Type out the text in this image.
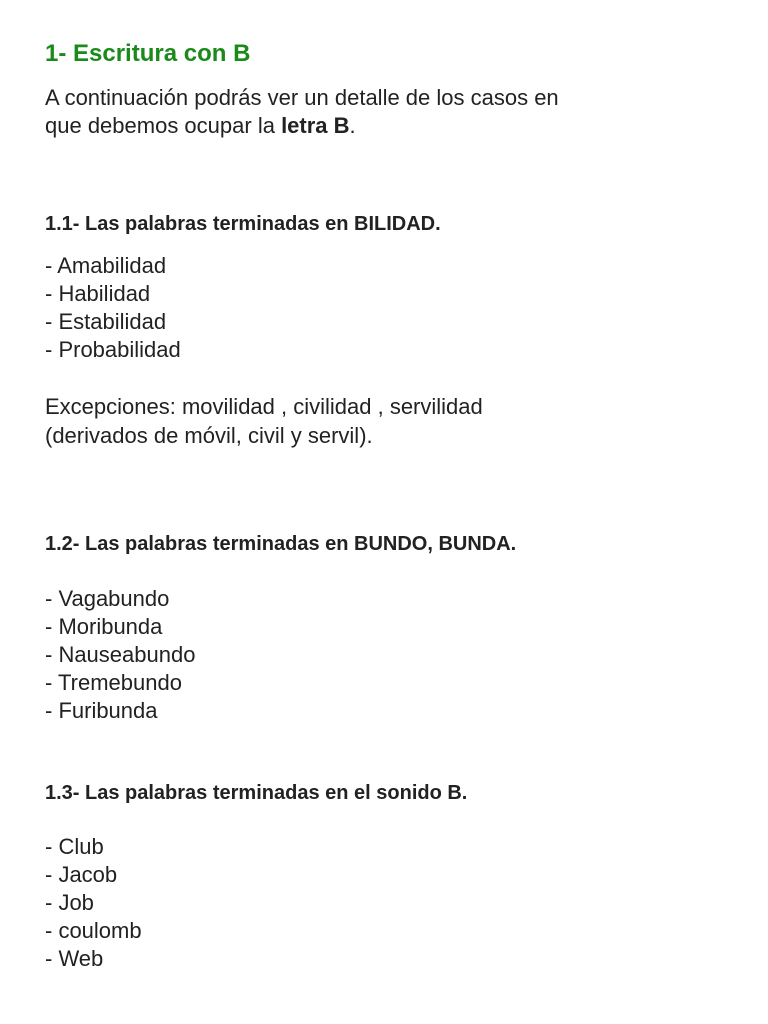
1- Escritura con B

A continuación podrás ver un detalle de los casos en
que debemos ocupar la letra B.

1.1- Las palabras terminadas en BILIDAD.
- Amabilidad
- Habilidad
- Estabilidad
- Probabilidad

Excepciones: movilidad , civilidad , servilidad
(derivados de móvil, civil y servil).

1.2- Las palabras terminadas en BUNDO, BUNDA.
- Vagabundo
- Moribunda
- Nauseabundo
- Tremebundo
- Furibunda
1.3- Las palabras terminadas en el sonido B.
- Club
- Jacob
- Job
- coulomb
- Web
